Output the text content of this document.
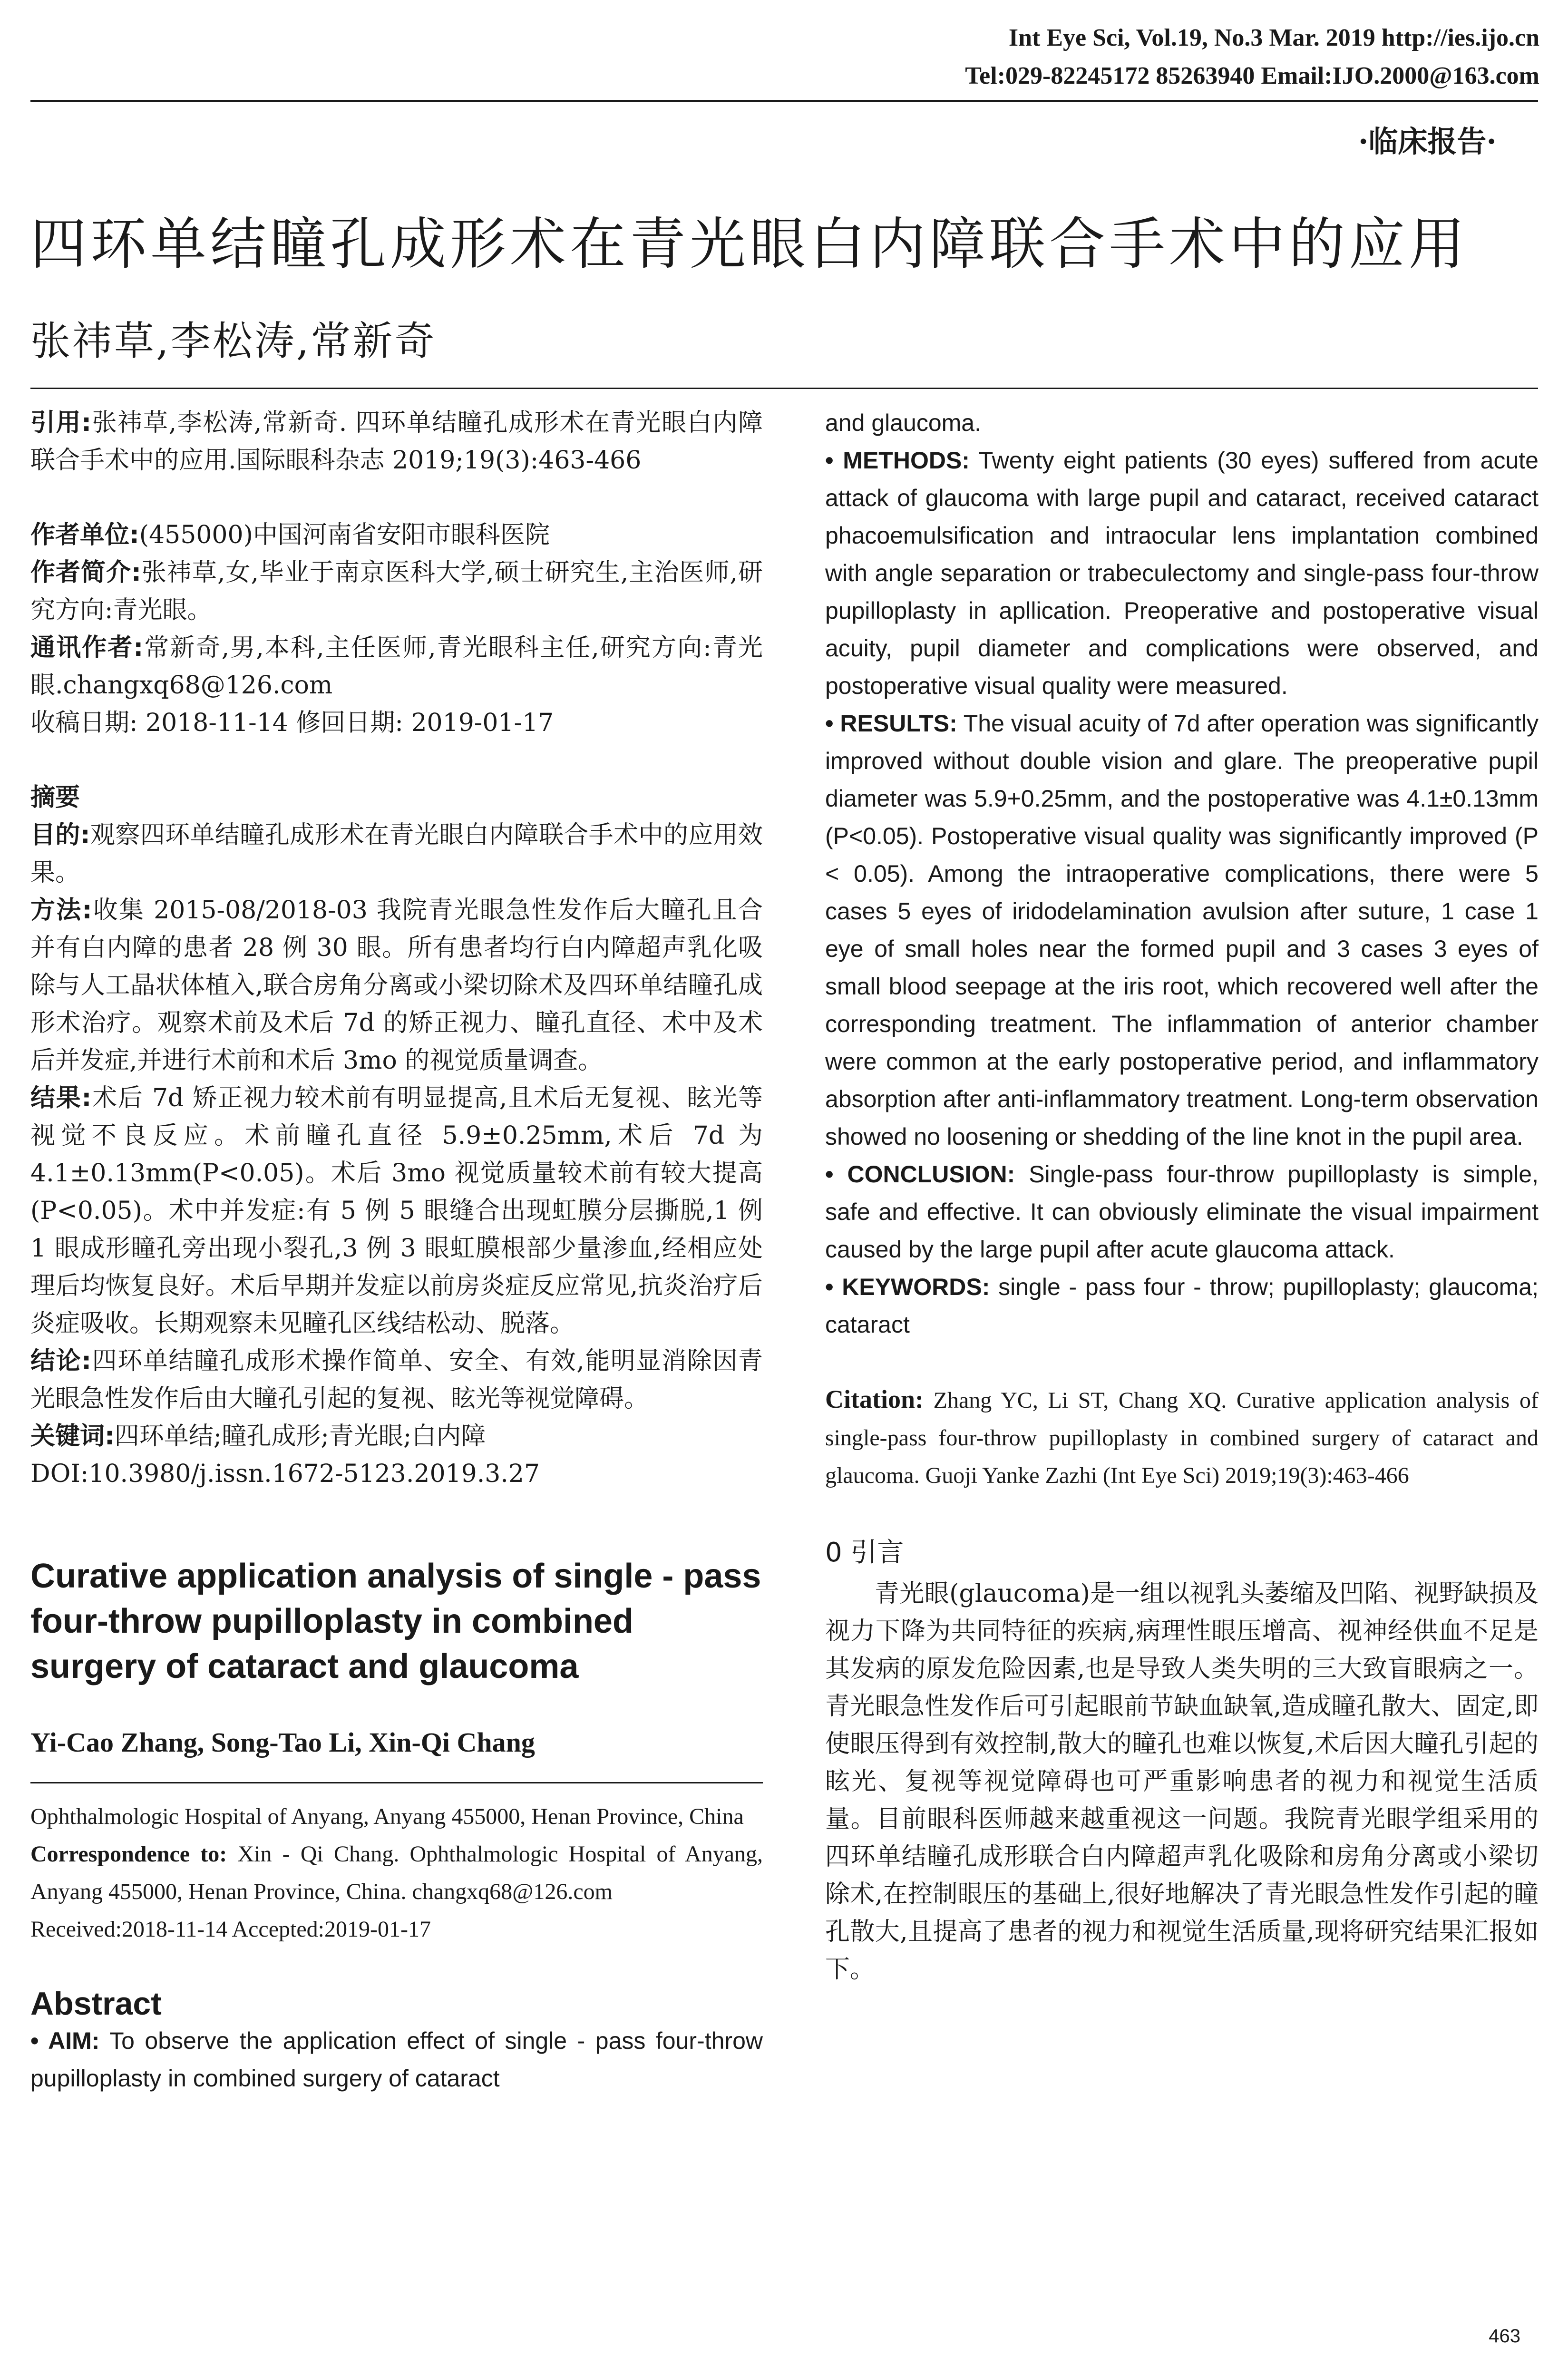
Int Eye Sci, Vol.19, No.3 Mar. 2019 http://ies.ijo.cn
Tel:029-82245172 85263940 Email:IJO.2000@163.com
·临床报告·
四环单结瞳孔成形术在青光眼白内障联合手术中的应用
张祎草,李松涛,常新奇

引用:张祎草,李松涛,常新奇. 四环单结瞳孔成形术在青光眼白内障联合手术中的应用.国际眼科杂志 2019;19(3):463-466

作者单位:(455000)中国河南省安阳市眼科医院

作者简介:张祎草,女,毕业于南京医科大学,硕士研究生,主治医师,研究方向:青光眼。

通讯作者:常新奇,男,本科,主任医师,青光眼科主任,研究方向:青光眼.changxq68@126.com

收稿日期: 2018-11-14 修回日期: 2019-01-17

摘要

目的:观察四环单结瞳孔成形术在青光眼白内障联合手术中的应用效果。

方法:收集 2015-08/2018-03 我院青光眼急性发作后大瞳孔且合并有白内障的患者 28 例 30 眼。所有患者均行白内障超声乳化吸除与人工晶状体植入,联合房角分离或小梁切除术及四环单结瞳孔成形术治疗。观察术前及术后 7d 的矫正视力、瞳孔直径、术中及术后并发症,并进行术前和术后 3mo 的视觉质量调查。

结果:术后 7d 矫正视力较术前有明显提高,且术后无复视、眩光等视觉不良反应。术前瞳孔直径 5.9±0.25mm,术后 7d 为 4.1±0.13mm(P<0.05)。术后 3mo 视觉质量较术前有较大提高(P<0.05)。术中并发症:有 5 例 5 眼缝合出现虹膜分层撕脱,1 例 1 眼成形瞳孔旁出现小裂孔,3 例 3 眼虹膜根部少量渗血,经相应处理后均恢复良好。术后早期并发症以前房炎症反应常见,抗炎治疗后炎症吸收。长期观察未见瞳孔区线结松动、脱落。

结论:四环单结瞳孔成形术操作简单、安全、有效,能明显消除因青光眼急性发作后由大瞳孔引起的复视、眩光等视觉障碍。

关键词:四环单结;瞳孔成形;青光眼;白内障

DOI:10.3980/j.issn.1672-5123.2019.3.27

Curative application analysis of single - pass four-throw pupilloplasty in combined surgery of cataract and glaucoma

Yi-Cao Zhang, Song-Tao Li, Xin-Qi Chang

Ophthalmologic Hospital of Anyang, Anyang 455000, Henan Province, China

Correspondence to: Xin - Qi Chang. Ophthalmologic Hospital of Anyang, Anyang 455000, Henan Province, China. changxq68@126.com

Received:2018-11-14 Accepted:2019-01-17

Abstract

• AIM: To observe the application effect of single - pass four-throw pupilloplasty in combined surgery of cataract

and glaucoma.

• METHODS: Twenty eight patients (30 eyes) suffered from acute attack of glaucoma with large pupil and cataract, received cataract phacoemulsification and intraocular lens implantation combined with angle separation or trabeculectomy and single-pass four-throw pupilloplasty in apllication. Preoperative and postoperative visual acuity, pupil diameter and complications were observed, and postoperative visual quality were measured.

• RESULTS: The visual acuity of 7d after operation was significantly improved without double vision and glare. The preoperative pupil diameter was 5.9+0.25mm, and the postoperative was 4.1±0.13mm (P<0.05). Postoperative visual quality was significantly improved (P < 0.05). Among the intraoperative complications, there were 5 cases 5 eyes of iridodelamination avulsion after suture, 1 case 1 eye of small holes near the formed pupil and 3 cases 3 eyes of small blood seepage at the iris root, which recovered well after the corresponding treatment. The inflammation of anterior chamber were common at the early postoperative period, and inflammatory absorption after anti-inflammatory treatment. Long-term observation showed no loosening or shedding of the line knot in the pupil area.

• CONCLUSION: Single-pass four-throw pupilloplasty is simple, safe and effective. It can obviously eliminate the visual impairment caused by the large pupil after acute glaucoma attack.

• KEYWORDS: single - pass four - throw; pupilloplasty; glaucoma; cataract

Citation: Zhang YC, Li ST, Chang XQ. Curative application analysis of single-pass four-throw pupilloplasty in combined surgery of cataract and glaucoma. Guoji Yanke Zazhi (Int Eye Sci) 2019;19(3):463-466

0 引言

青光眼(glaucoma)是一组以视乳头萎缩及凹陷、视野缺损及视力下降为共同特征的疾病,病理性眼压增高、视神经供血不足是其发病的原发危险因素,也是导致人类失明的三大致盲眼病之一。青光眼急性发作后可引起眼前节缺血缺氧,造成瞳孔散大、固定,即使眼压得到有效控制,散大的瞳孔也难以恢复,术后因大瞳孔引起的眩光、复视等视觉障碍也可严重影响患者的视力和视觉生活质量。目前眼科医师越来越重视这一问题。我院青光眼学组采用的四环单结瞳孔成形联合白内障超声乳化吸除和房角分离或小梁切除术,在控制眼压的基础上,很好地解决了青光眼急性发作引起的瞳孔散大,且提高了患者的视力和视觉生活质量,现将研究结果汇报如下。

463
